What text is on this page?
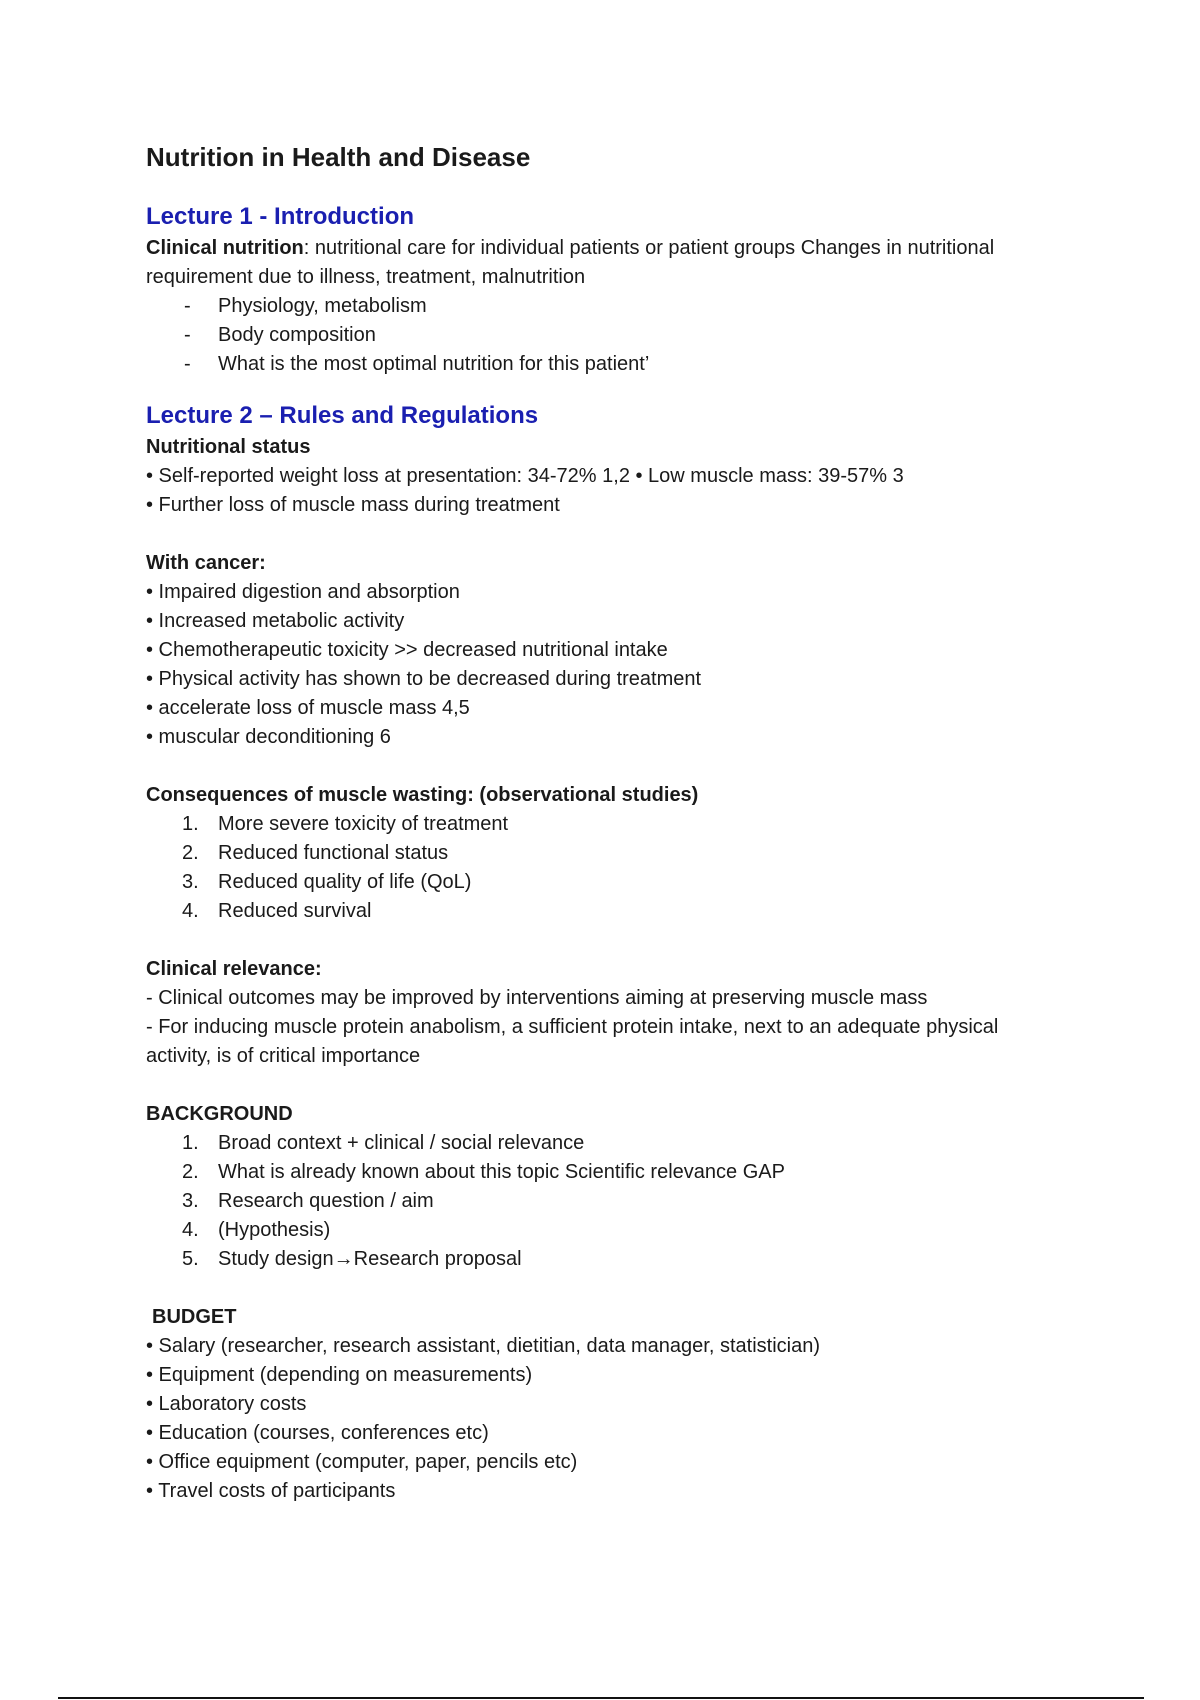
Nutrition in Health and Disease
Lecture 1 - Introduction

Clinical nutrition: nutritional care for individual patients or patient groups Changes in nutritional requirement due to illness, treatment, malnutrition

- Physiology, metabolism
- Body composition
- What is the most optimal nutrition for this patient’
Lecture 2 – Rules and Regulations

Nutritional status

• Self-reported weight loss at presentation: 34-72% 1,2 • Low muscle mass: 39-57% 3

• Further loss of muscle mass during treatment

With cancer:

• Impaired digestion and absorption

• Increased metabolic activity

• Chemotherapeutic toxicity >> decreased nutritional intake

• Physical activity has shown to be decreased during treatment

• accelerate loss of muscle mass 4,5

• muscular deconditioning 6

Consequences of muscle wasting: (observational studies)

1. More severe toxicity of treatment
2. Reduced functional status
3. Reduced quality of life (QoL)
4. Reduced survival

Clinical relevance:

- Clinical outcomes may be improved by interventions aiming at preserving muscle mass

- For inducing muscle protein anabolism, a sufficient protein intake, next to an adequate physical activity, is of critical importance

BACKGROUND

1. Broad context + clinical / social relevance
2. What is already known about this topic Scientific relevance GAP
3. Research question / aim
4. (Hypothesis)
5. Study design→Research proposal

BUDGET

• Salary (researcher, research assistant, dietitian, data manager, statistician)

• Equipment (depending on measurements)

• Laboratory costs

• Education (courses, conferences etc)

• Office equipment (computer, paper, pencils etc)

• Travel costs of participants
